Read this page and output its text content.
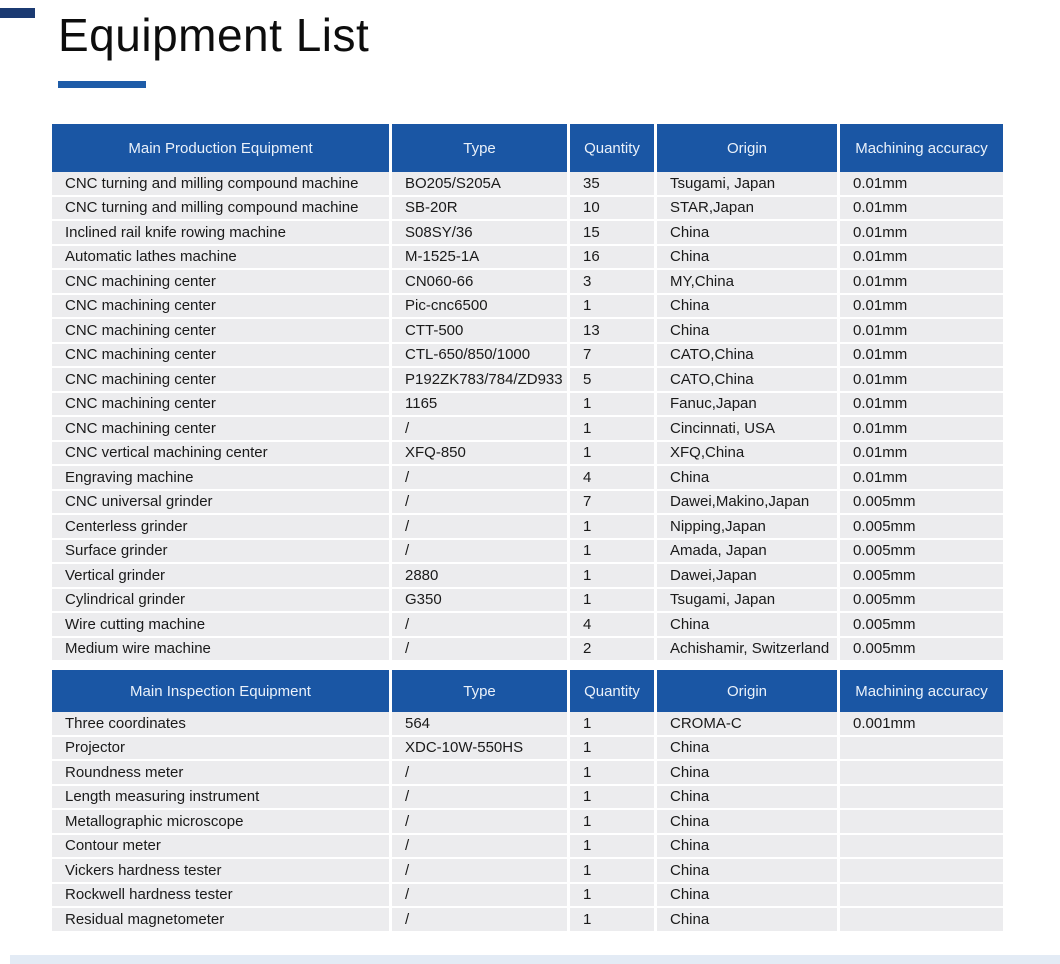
Equipment List
Main Production Equipment	Type	Quantity	Origin	Machining accuracy
CNC turning and milling compound machine	BO205/S205A	35	Tsugami, Japan	0.01mm
CNC turning and milling compound machine	SB-20R	10	STAR,Japan	0.01mm
Inclined rail knife rowing machine	S08SY/36	15	China	0.01mm
Automatic lathes machine	M-1525-1A	16	China	0.01mm
CNC machining center	CN060-66	3	MY,China	0.01mm
CNC machining center	Pic-cnc6500	1	China	0.01mm
CNC machining center	CTT-500	13	China	0.01mm
CNC machining center	CTL-650/850/1000	7	CATO,China	0.01mm
CNC machining center	P192ZK783/784/ZD933	5	CATO,China	0.01mm
CNC machining center	1165	1	Fanuc,Japan	0.01mm
CNC machining center	/	1	Cincinnati, USA	0.01mm
CNC vertical machining center	XFQ-850	1	XFQ,China	0.01mm
Engraving machine	/	4	China	0.01mm
CNC universal grinder	/	7	Dawei,Makino,Japan	0.005mm
Centerless grinder	/	1	Nipping,Japan	0.005mm
Surface grinder	/	1	Amada, Japan	0.005mm
Vertical grinder	2880	1	Dawei,Japan	0.005mm
Cylindrical grinder	G350	1	Tsugami, Japan	0.005mm
Wire cutting machine	/	4	China	0.005mm
Medium wire machine	/	2	Achishamir, Switzerland	0.005mm
Main Inspection Equipment	Type	Quantity	Origin	Machining accuracy
Three coordinates	564	1	CROMA-C	0.001mm
Projector	XDC-10W-550HS	1	China
Roundness meter	/	1	China
Length measuring instrument	/	1	China
Metallographic microscope	/	1	China
Contour meter	/	1	China
Vickers hardness tester	/	1	China
Rockwell hardness tester	/	1	China
Residual magnetometer	/	1	China
